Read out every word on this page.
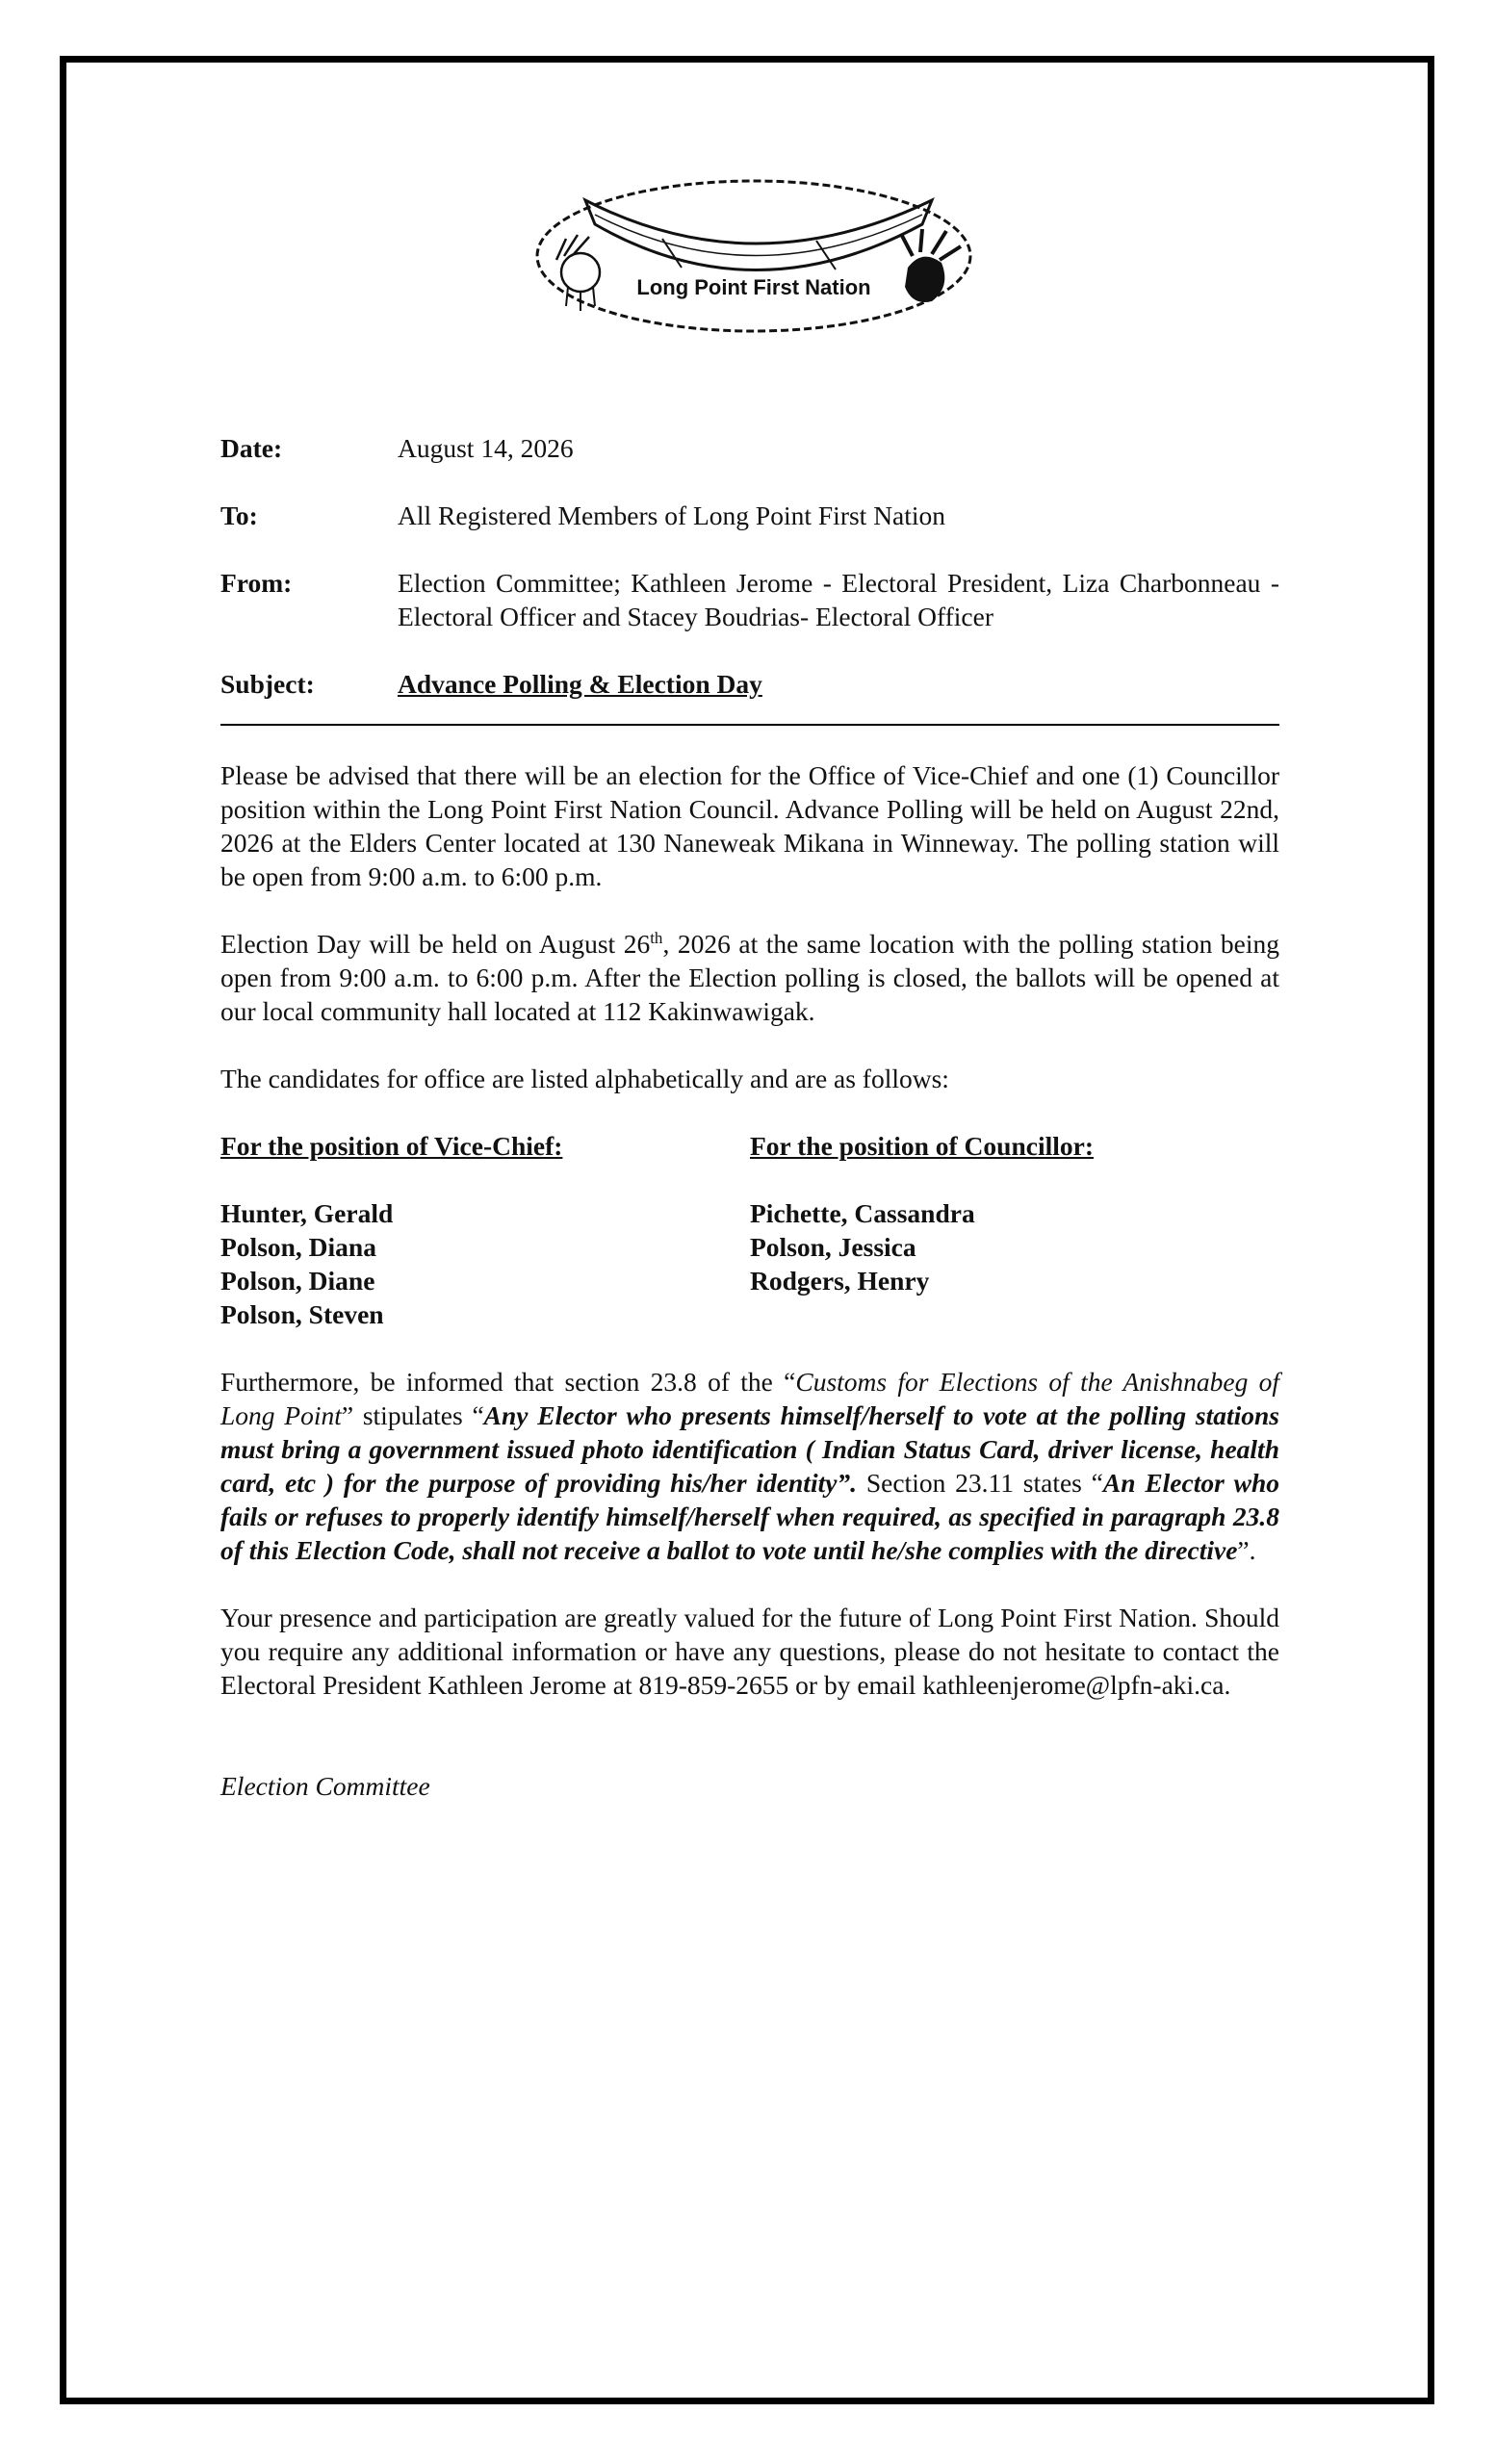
Long Point First Nation
Date:	August 14, 2026
To:	All Registered Members of Long Point First Nation
From:	Election Committee; Kathleen Jerome - Electoral President, Liza Charbonneau - Electoral Officer and Stacey Boudrias- Electoral Officer
Subject:	Advance Polling & Election Day

Please be advised that there will be an election for the Office of Vice-Chief and one (1) Councillor position within the Long Point First Nation Council. Advance Polling will be held on August 22nd, 2026 at the Elders Center located at 130 Naneweak Mikana in Winneway. The polling station will be open from 9:00 a.m. to 6:00 p.m.

Election Day will be held on August 26th, 2026 at the same location with the polling station being open from 9:00 a.m. to 6:00 p.m. After the Election polling is closed, the ballots will be opened at our local community hall located at 112 Kakinwawigak.

The candidates for office are listed alphabetically and are as follows:

For the position of Vice-Chief:
Hunter, Gerald
Polson, Diana
Polson, Diane
Polson, Steven
For the position of Councillor:
Pichette, Cassandra
Polson, Jessica
Rodgers, Henry

Furthermore, be informed that section 23.8 of the “Customs for Elections of the Anishnabeg of Long Point” stipulates “Any Elector who presents himself/herself to vote at the polling stations must bring a government issued photo identification ( Indian Status Card, driver license, health card, etc ) for the purpose of providing his/her identity”. Section 23.11 states “An Elector who fails or refuses to properly identify himself/herself when required, as specified in paragraph 23.8 of this Election Code, shall not receive a ballot to vote until he/she complies with the directive”.

Your presence and participation are greatly valued for the future of Long Point First Nation. Should you require any additional information or have any questions, please do not hesitate to contact the Electoral President Kathleen Jerome at 819-859-2655 or by email kathleenjerome@lpfn-aki.ca.

Election Committee
